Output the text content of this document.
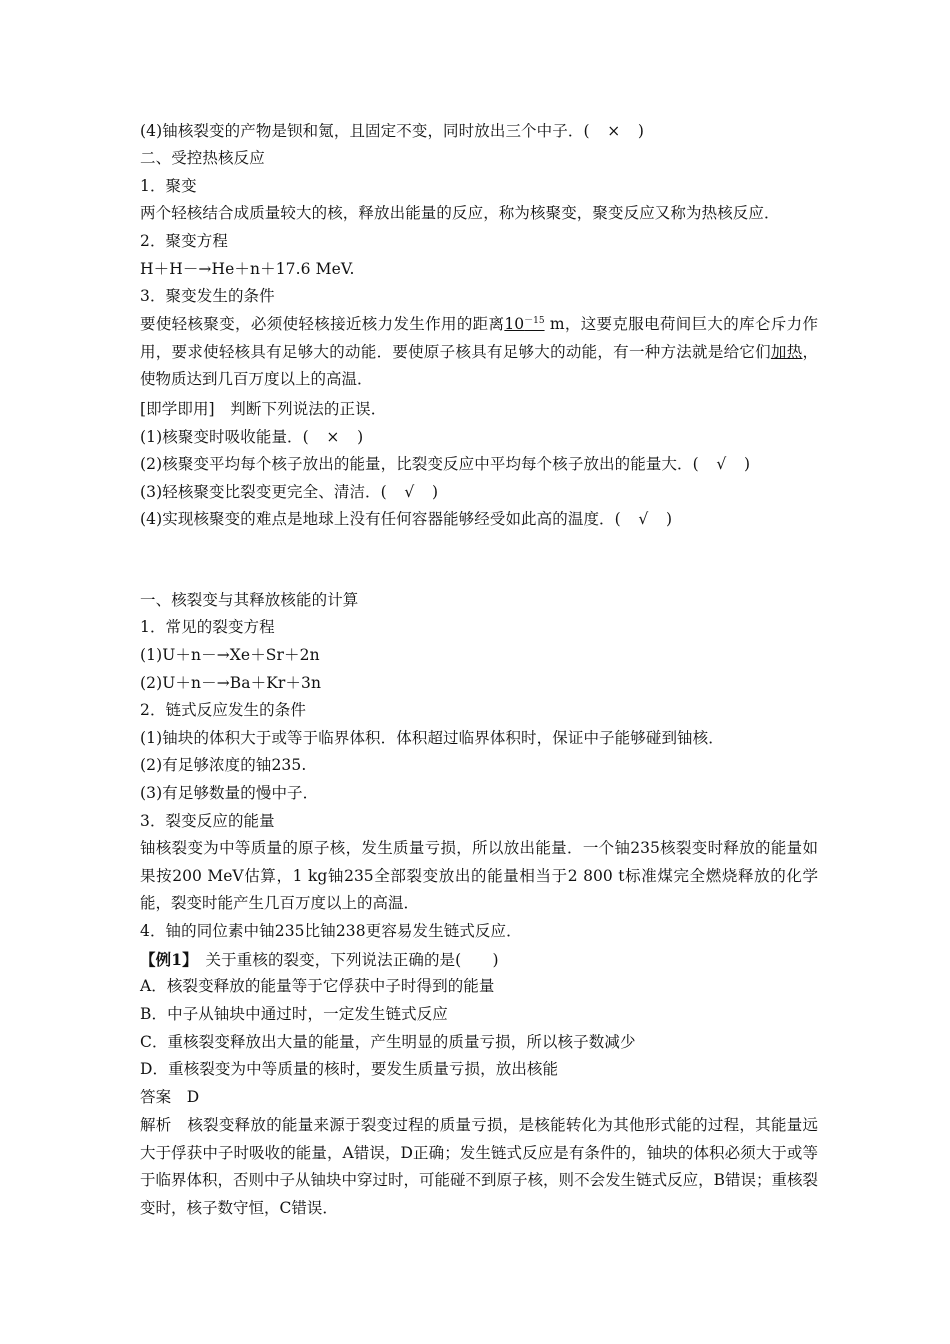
(4)铀核裂变的产物是钡和氪，且固定不变，同时放出三个中子．(　×　)
二、受控热核反应
1．聚变
两个轻核结合成质量较大的核，释放出能量的反应，称为核聚变，聚变反应又称为热核反应．
2．聚变方程
H＋H－→He＋n＋17.6 MeV.
3．聚变发生的条件
要使轻核聚变，必须使轻核接近核力发生作用的距离$10^{-15}$ m，这要克服电荷间巨大的库仑斥力作用，要求使轻核具有足够大的动能．要使原子核具有足够大的动能，有一种方法就是给它们加热，使物质达到几百万度以上的高温．
[即学即用]　判断下列说法的正误．
(1)核聚变时吸收能量．(　×　)
(2)核聚变平均每个核子放出的能量，比裂变反应中平均每个核子放出的能量大．(　√　)
(3)轻核聚变比裂变更完全、清洁．(　√　)
(4)实现核聚变的难点是地球上没有任何容器能够经受如此高的温度．(　√　)
一、核裂变与其释放核能的计算
1．常见的裂变方程
(1)U＋n－→Xe＋Sr＋2n
(2)U＋n－→Ba＋Kr＋3n
2．链式反应发生的条件
(1)铀块的体积大于或等于临界体积．体积超过临界体积时，保证中子能够碰到铀核．
(2)有足够浓度的铀235.
(3)有足够数量的慢中子．
3．裂变反应的能量
铀核裂变为中等质量的原子核，发生质量亏损，所以放出能量．一个铀235核裂变时释放的能量如果按200 MeV估算，1 kg铀235全部裂变放出的能量相当于2 800 t标准煤完全燃烧释放的化学能，裂变时能产生几百万度以上的高温．
4．铀的同位素中铀235比铀238更容易发生链式反应．
【例1】　关于重核的裂变，下列说法正确的是(　　)
A．核裂变释放的能量等于它俘获中子时得到的能量
B．中子从铀块中通过时，一定发生链式反应
C．重核裂变释放出大量的能量，产生明显的质量亏损，所以核子数减少
D．重核裂变为中等质量的核时，要发生质量亏损，放出核能
答案　D
解析　核裂变释放的能量来源于裂变过程的质量亏损，是核能转化为其他形式能的过程，其能量远大于俘获中子时吸收的能量，A错误，D正确；发生链式反应是有条件的，铀块的体积必须大于或等于临界体积，否则中子从铀块中穿过时，可能碰不到原子核，则不会发生链式反应，B错误；重核裂变时，核子数守恒，C错误．
